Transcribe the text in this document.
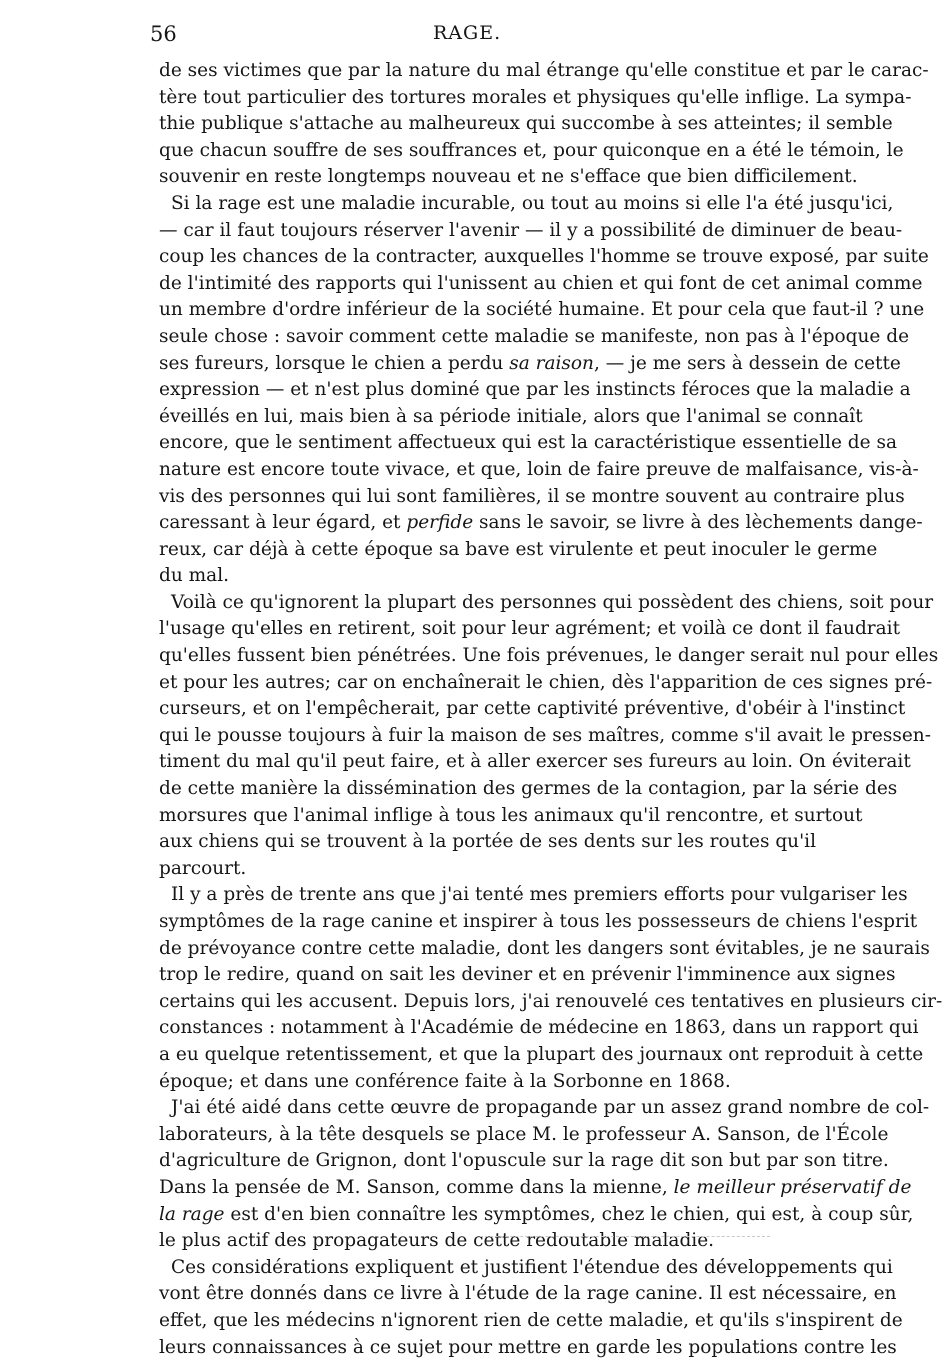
56	RAGE.
de ses victimes que par la nature du mal étrange qu'elle constitue et par le carac-
tère tout particulier des tortures morales et physiques qu'elle inflige. La sympa-
thie publique s'attache au malheureux qui succombe à ses atteintes; il semble
que chacun souffre de ses souffrances et, pour quiconque en a été le témoin, le
souvenir en reste longtemps nouveau et ne s'efface que bien difficilement.
Si la rage est une maladie incurable, ou tout au moins si elle l'a été jusqu'ici,
— car il faut toujours réserver l'avenir — il y a possibilité de diminuer de beau-
coup les chances de la contracter, auxquelles l'homme se trouve exposé, par suite
de l'intimité des rapports qui l'unissent au chien et qui font de cet animal comme
un membre d'ordre inférieur de la société humaine. Et pour cela que faut-il ? une
seule chose : savoir comment cette maladie se manifeste, non pas à l'époque de
ses fureurs, lorsque le chien a perdu sa raison, — je me sers à dessein de cette
expression — et n'est plus dominé que par les instincts féroces que la maladie a
éveillés en lui, mais bien à sa période initiale, alors que l'animal se connaît
encore, que le sentiment affectueux qui est la caractéristique essentielle de sa
nature est encore toute vivace, et que, loin de faire preuve de malfaisance, vis-à-
vis des personnes qui lui sont familières, il se montre souvent au contraire plus
caressant à leur égard, et perfide sans le savoir, se livre à des lèchements dange-
reux, car déjà à cette époque sa bave est virulente et peut inoculer le germe
du mal.
Voilà ce qu'ignorent la plupart des personnes qui possèdent des chiens, soit pour
l'usage qu'elles en retirent, soit pour leur agrément; et voilà ce dont il faudrait
qu'elles fussent bien pénétrées. Une fois prévenues, le danger serait nul pour elles
et pour les autres; car on enchaînerait le chien, dès l'apparition de ces signes pré-
curseurs, et on l'empêcherait, par cette captivité préventive, d'obéir à l'instinct
qui le pousse toujours à fuir la maison de ses maîtres, comme s'il avait le pressen-
timent du mal qu'il peut faire, et à aller exercer ses fureurs au loin. On éviterait
de cette manière la dissémination des germes de la contagion, par la série des
morsures que l'animal inflige à tous les animaux qu'il rencontre, et surtout
aux chiens qui se trouvent à la portée de ses dents sur les routes qu'il
parcourt.
Il y a près de trente ans que j'ai tenté mes premiers efforts pour vulgariser les
symptômes de la rage canine et inspirer à tous les possesseurs de chiens l'esprit
de prévoyance contre cette maladie, dont les dangers sont évitables, je ne saurais
trop le redire, quand on sait les deviner et en prévenir l'imminence aux signes
certains qui les accusent. Depuis lors, j'ai renouvelé ces tentatives en plusieurs cir-
constances : notamment à l'Académie de médecine en 1863, dans un rapport qui
a eu quelque retentissement, et que la plupart des journaux ont reproduit à cette
époque; et dans une conférence faite à la Sorbonne en 1868.
J'ai été aidé dans cette œuvre de propagande par un assez grand nombre de col-
laborateurs, à la tête desquels se place M. le professeur A. Sanson, de l'École
d'agriculture de Grignon, dont l'opuscule sur la rage dit son but par son titre.
Dans la pensée de M. Sanson, comme dans la mienne, le meilleur préservatif de
la rage est d'en bien connaître les symptômes, chez le chien, qui est, à coup sûr,
le plus actif des propagateurs de cette redoutable maladie.
Ces considérations expliquent et justifient l'étendue des développements qui
vont être donnés dans ce livre à l'étude de la rage canine. Il est nécessaire, en
effet, que les médecins n'ignorent rien de cette maladie, et qu'ils s'inspirent de
leurs connaissances à ce sujet pour mettre en garde les populations contre les
